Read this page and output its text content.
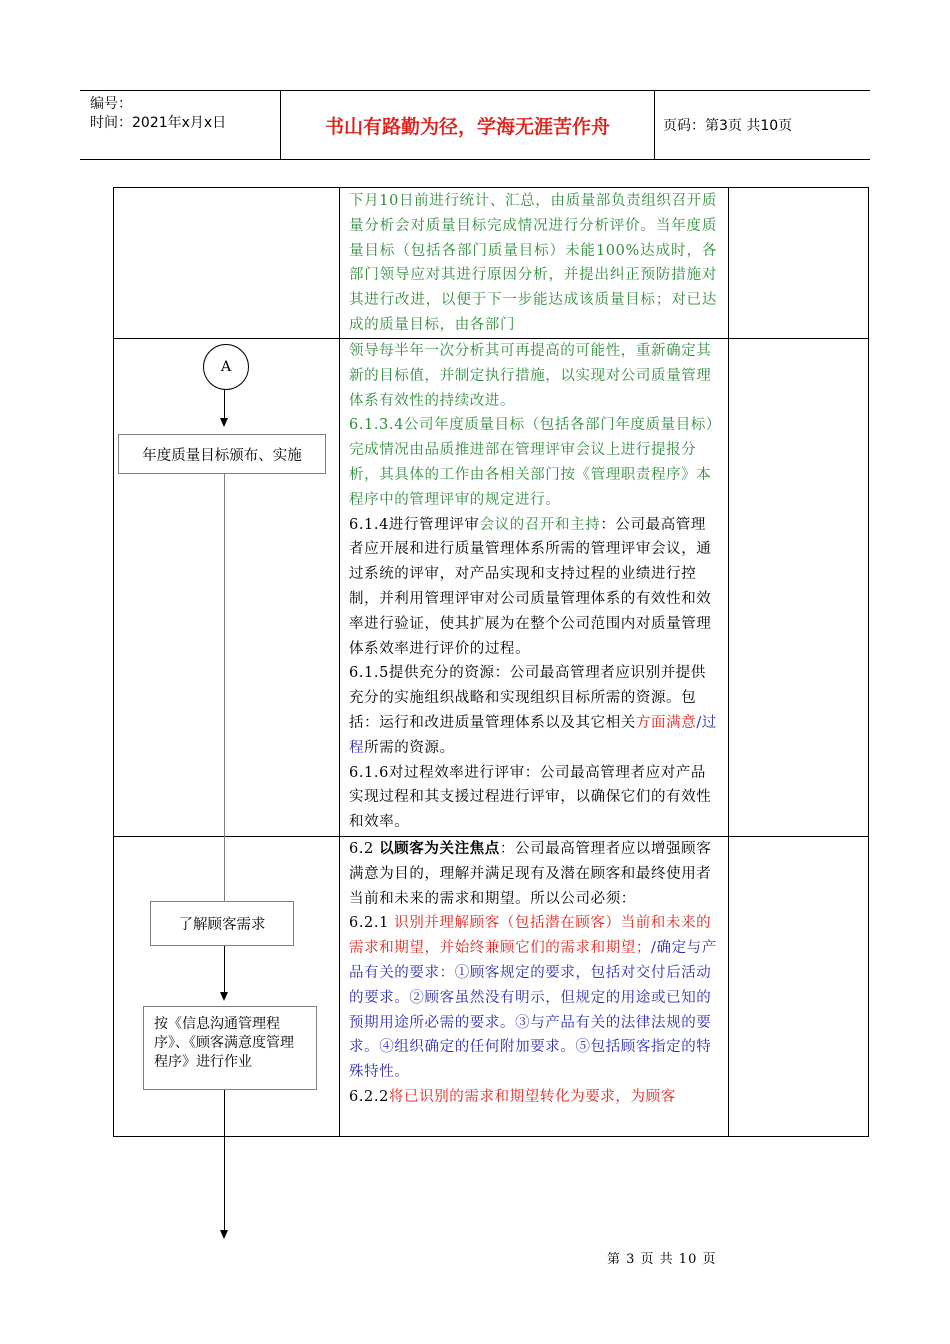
编号：
时间：2021年x月x日	书山有路勤为径，学海无涯苦作舟	页码：第3页 共10页

下月10日前进行统计、汇总，由质量部负责组织召开质量分析会对质量目标完成情况进行分析评价。当年度质量目标（包括各部门质量目标）未能100%达成时，各部门领导应对其进行原因分析，并提出纠正预防措施对其进行改进，以便于下一步能达成该质量目标；对已达成的质量目标，由各部门

领导每半年一次分析其可再提高的可能性，重新确定其新的目标值，并制定执行措施，以实现对公司质量管理体系有效性的持续改进。

6.1.3.4公司年度质量目标（包括各部门年度质量目标）完成情况由品质推进部在管理评审会议上进行提报分析，其具体的工作由各相关部门按《管理职责程序》本程序中的管理评审的规定进行。

6.1.4进行管理评审会议的召开和主持：公司最高管理者应开展和进行质量管理体系所需的管理评审会议，通过系统的评审，对产品实现和支持过程的业绩进行控制，并利用管理评审对公司质量管理体系的有效性和效率进行验证，使其扩展为在整个公司范围内对质量管理体系效率进行评价的过程。

6.1.5提供充分的资源：公司最高管理者应识别并提供充分的实施组织战略和实现组织目标所需的资源。包括：运行和改进质量管理体系以及其它相关方面满意/过程所需的资源。

6.1.6对过程效率进行评审：公司最高管理者应对产品实现过程和其支援过程进行评审，以确保它们的有效性和效率。

6.2 以顾客为关注焦点：公司最高管理者应以增强顾客满意为目的，理解并满足现有及潜在顾客和最终使用者当前和未来的需求和期望。所以公司必须：

6.2.1 识别并理解顾客（包括潜在顾客）当前和未来的需求和期望，并始终兼顾它们的需求和期望；/确定与产品有关的要求：①顾客规定的要求，包括对交付后活动的要求。②顾客虽然没有明示，但规定的用途或已知的预期用途所必需的要求。③与产品有关的法律法规的要求。④组织确定的任何附加要求。⑤包括顾客指定的特殊特性。

6.2.2将已识别的需求和期望转化为要求，为顾客

A
年度质量目标颁布、实施
了解顾客需求
按《信息沟通管理程序》、《顾客满意度管理程序》进行作业
第 3 页 共 10 页
